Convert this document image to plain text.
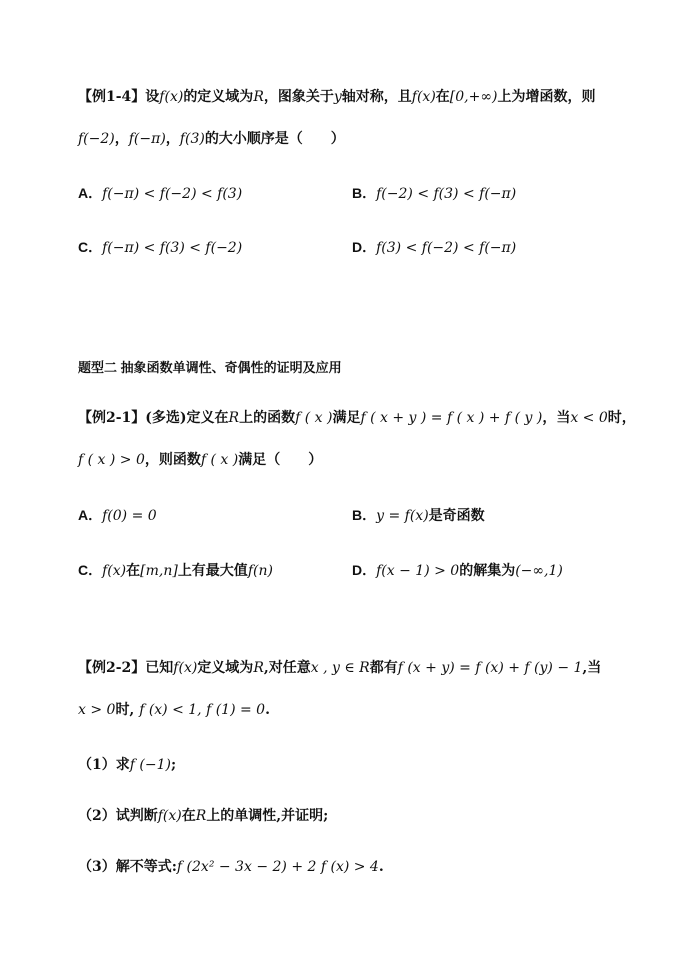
【例1-4】设f(x)的定义域为R，图象关于y轴对称，且f(x)在[0,+∞)上为增函数，则
f(−2)，f(−π)，f(3)的大小顺序是（　　）
A．f(−π) < f(−2) < f(3)	B．f(−2) < f(3) < f(−π)
C．f(−π) < f(3) < f(−2)	D．f(3) < f(−2) < f(−π)
题型二 抽象函数单调性、奇偶性的证明及应用
【例2-1】(多选)定义在R上的函数f ( x )满足f ( x + y ) = f ( x ) + f ( y )，当x < 0时，
f ( x ) > 0，则函数f ( x )满足（　　）
A．f(0) = 0	B．y = f(x)是奇函数
C．f(x)在[m,n]上有最大值f(n)	D．f(x − 1) > 0的解集为(−∞,1)
【例2-2】已知f(x)定义域为R,对任意x , y ∈ R都有f (x + y) = f (x) + f (y) − 1,当
x > 0时, f (x) < 1, f (1) = 0.
（1）求f (−1);
（2）试判断f(x)在R上的单调性,并证明;
（3）解不等式:f (2x² − 3x − 2) + 2 f (x) > 4.
